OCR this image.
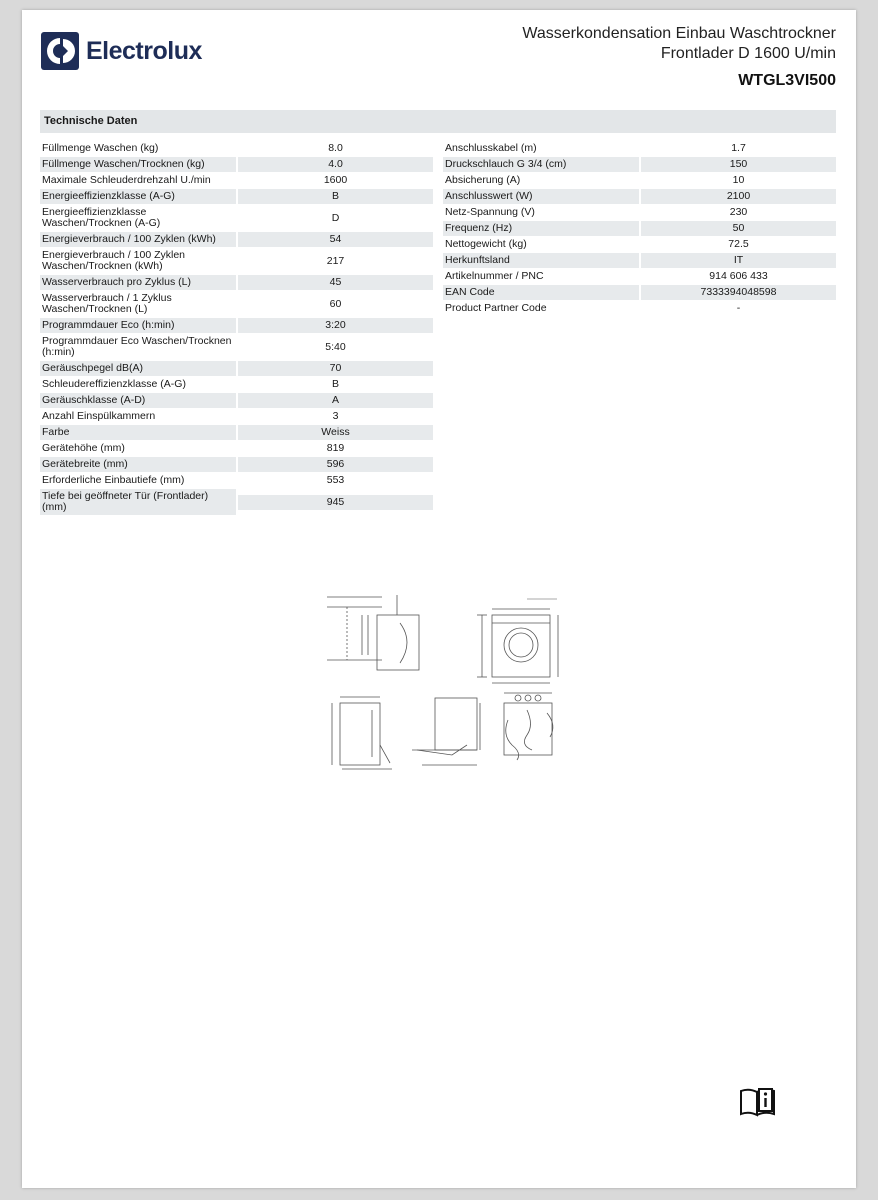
Electrolux
Wasserkondensation Einbau Waschtrockner
Frontlader D 1600 U/min
WTGL3VI500
Technische Daten
Füllmenge Waschen (kg)	8.0
Füllmenge Waschen/Trocknen (kg)	4.0
Maximale Schleuderdrehzahl U./min	1600
Energieeffizienzklasse (A-G)	B
Energieeffizienzklasse Waschen/Trocknen (A-G)	D
Energieverbrauch / 100 Zyklen (kWh)	54
Energieverbrauch / 100 Zyklen Waschen/Trocknen (kWh)	217
Wasserverbrauch pro Zyklus (L)	45
Wasserverbrauch / 1 Zyklus Waschen/Trocknen (L)	60
Programmdauer Eco (h:min)	3:20
Programmdauer Eco Waschen/Trocknen (h:min)	5:40
Geräuschpegel dB(A)	70
Schleudereffizienzklasse (A-G)	B
Geräuschklasse (A-D)	A
Anzahl Einspülkammern	3
Farbe	Weiss
Gerätehöhe (mm)	819
Gerätebreite (mm)	596
Erforderliche Einbautiefe (mm)	553
Tiefe bei geöffneter Tür (Frontlader) (mm)	945
Anschlusskabel (m)	1.7
Druckschlauch G 3/4 (cm)	150
Absicherung (A)	10
Anschlusswert (W)	2100
Netz-Spannung (V)	230
Frequenz (Hz)	50
Nettogewicht (kg)	72.5
Herkunftsland	IT
Artikelnummer / PNC	914 606 433
EAN Code	7333394048598
Product Partner Code	-
